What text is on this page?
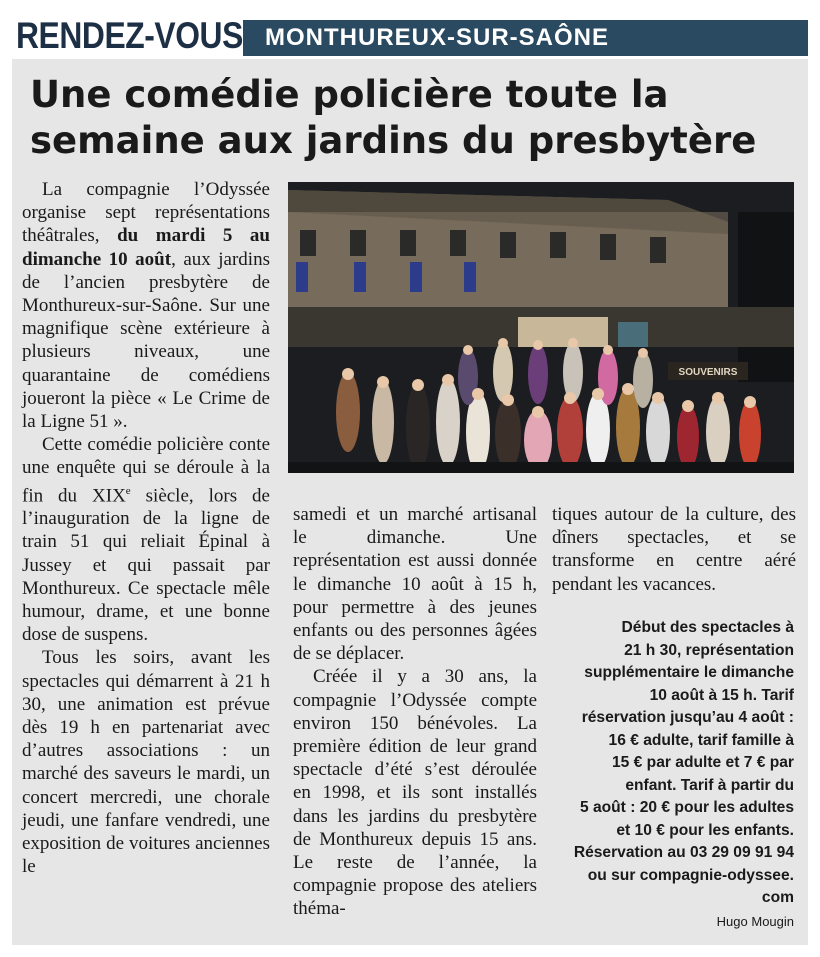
RENDEZ-VOUS MONTHUREUX-SUR-SAÔNE
Une comédie policière toute la semaine aux jardins du presbytère
SOUVENIRS

La compagnie l’Odyssée organise sept représentations théâtrales, du mardi 5 au dimanche 10 août, aux jardins de l’ancien presbytère de Monthureux-sur-Saône. Sur une magnifique scène extérieure à plusieurs niveaux, une quarantaine de comédiens joueront la pièce « Le Crime de la Ligne 51 ».

Cette comédie policière conte une enquête qui se déroule à la fin du XIXe siècle, lors de l’inauguration de la ligne de train 51 qui reliait Épinal à Jussey et qui passait par Monthureux. Ce spectacle mêle humour, drame, et une bonne dose de suspens.

Tous les soirs, avant les spectacles qui démarrent à 21 h 30, une animation est prévue dès 19 h en partenariat avec d’autres associations : un marché des saveurs le mardi, un concert mercredi, une chorale jeudi, une fanfare vendredi, une exposition de voitures anciennes le

samedi et un marché artisanal le dimanche. Une représentation est aussi donnée le dimanche 10 août à 15 h, pour permettre à des jeunes enfants ou des personnes âgées de se déplacer.

Créée il y a 30 ans, la compagnie l’Odyssée compte environ 150 bénévoles. La première édition de leur grand spectacle d’été s’est déroulée en 1998, et ils sont installés dans les jardins du presbytère de Monthureux depuis 15 ans. Le reste de l’année, la compagnie propose des ateliers théma-

tiques autour de la culture, des dîners spectacles, et se transforme en centre aéré pendant les vacances.

Début des spectacles à
21 h 30, représentation
supplémentaire le dimanche
10 août à 15 h. Tarif
réservation jusqu’au 4 août :
16 € adulte, tarif famille à
15 € par adulte et 7 € par
enfant. Tarif à partir du
5 août : 20 € pour les adultes
et 10 € pour les enfants.
Réservation au 03 29 09 91 94
ou sur compagnie-odyssee.
com
Hugo Mougin
